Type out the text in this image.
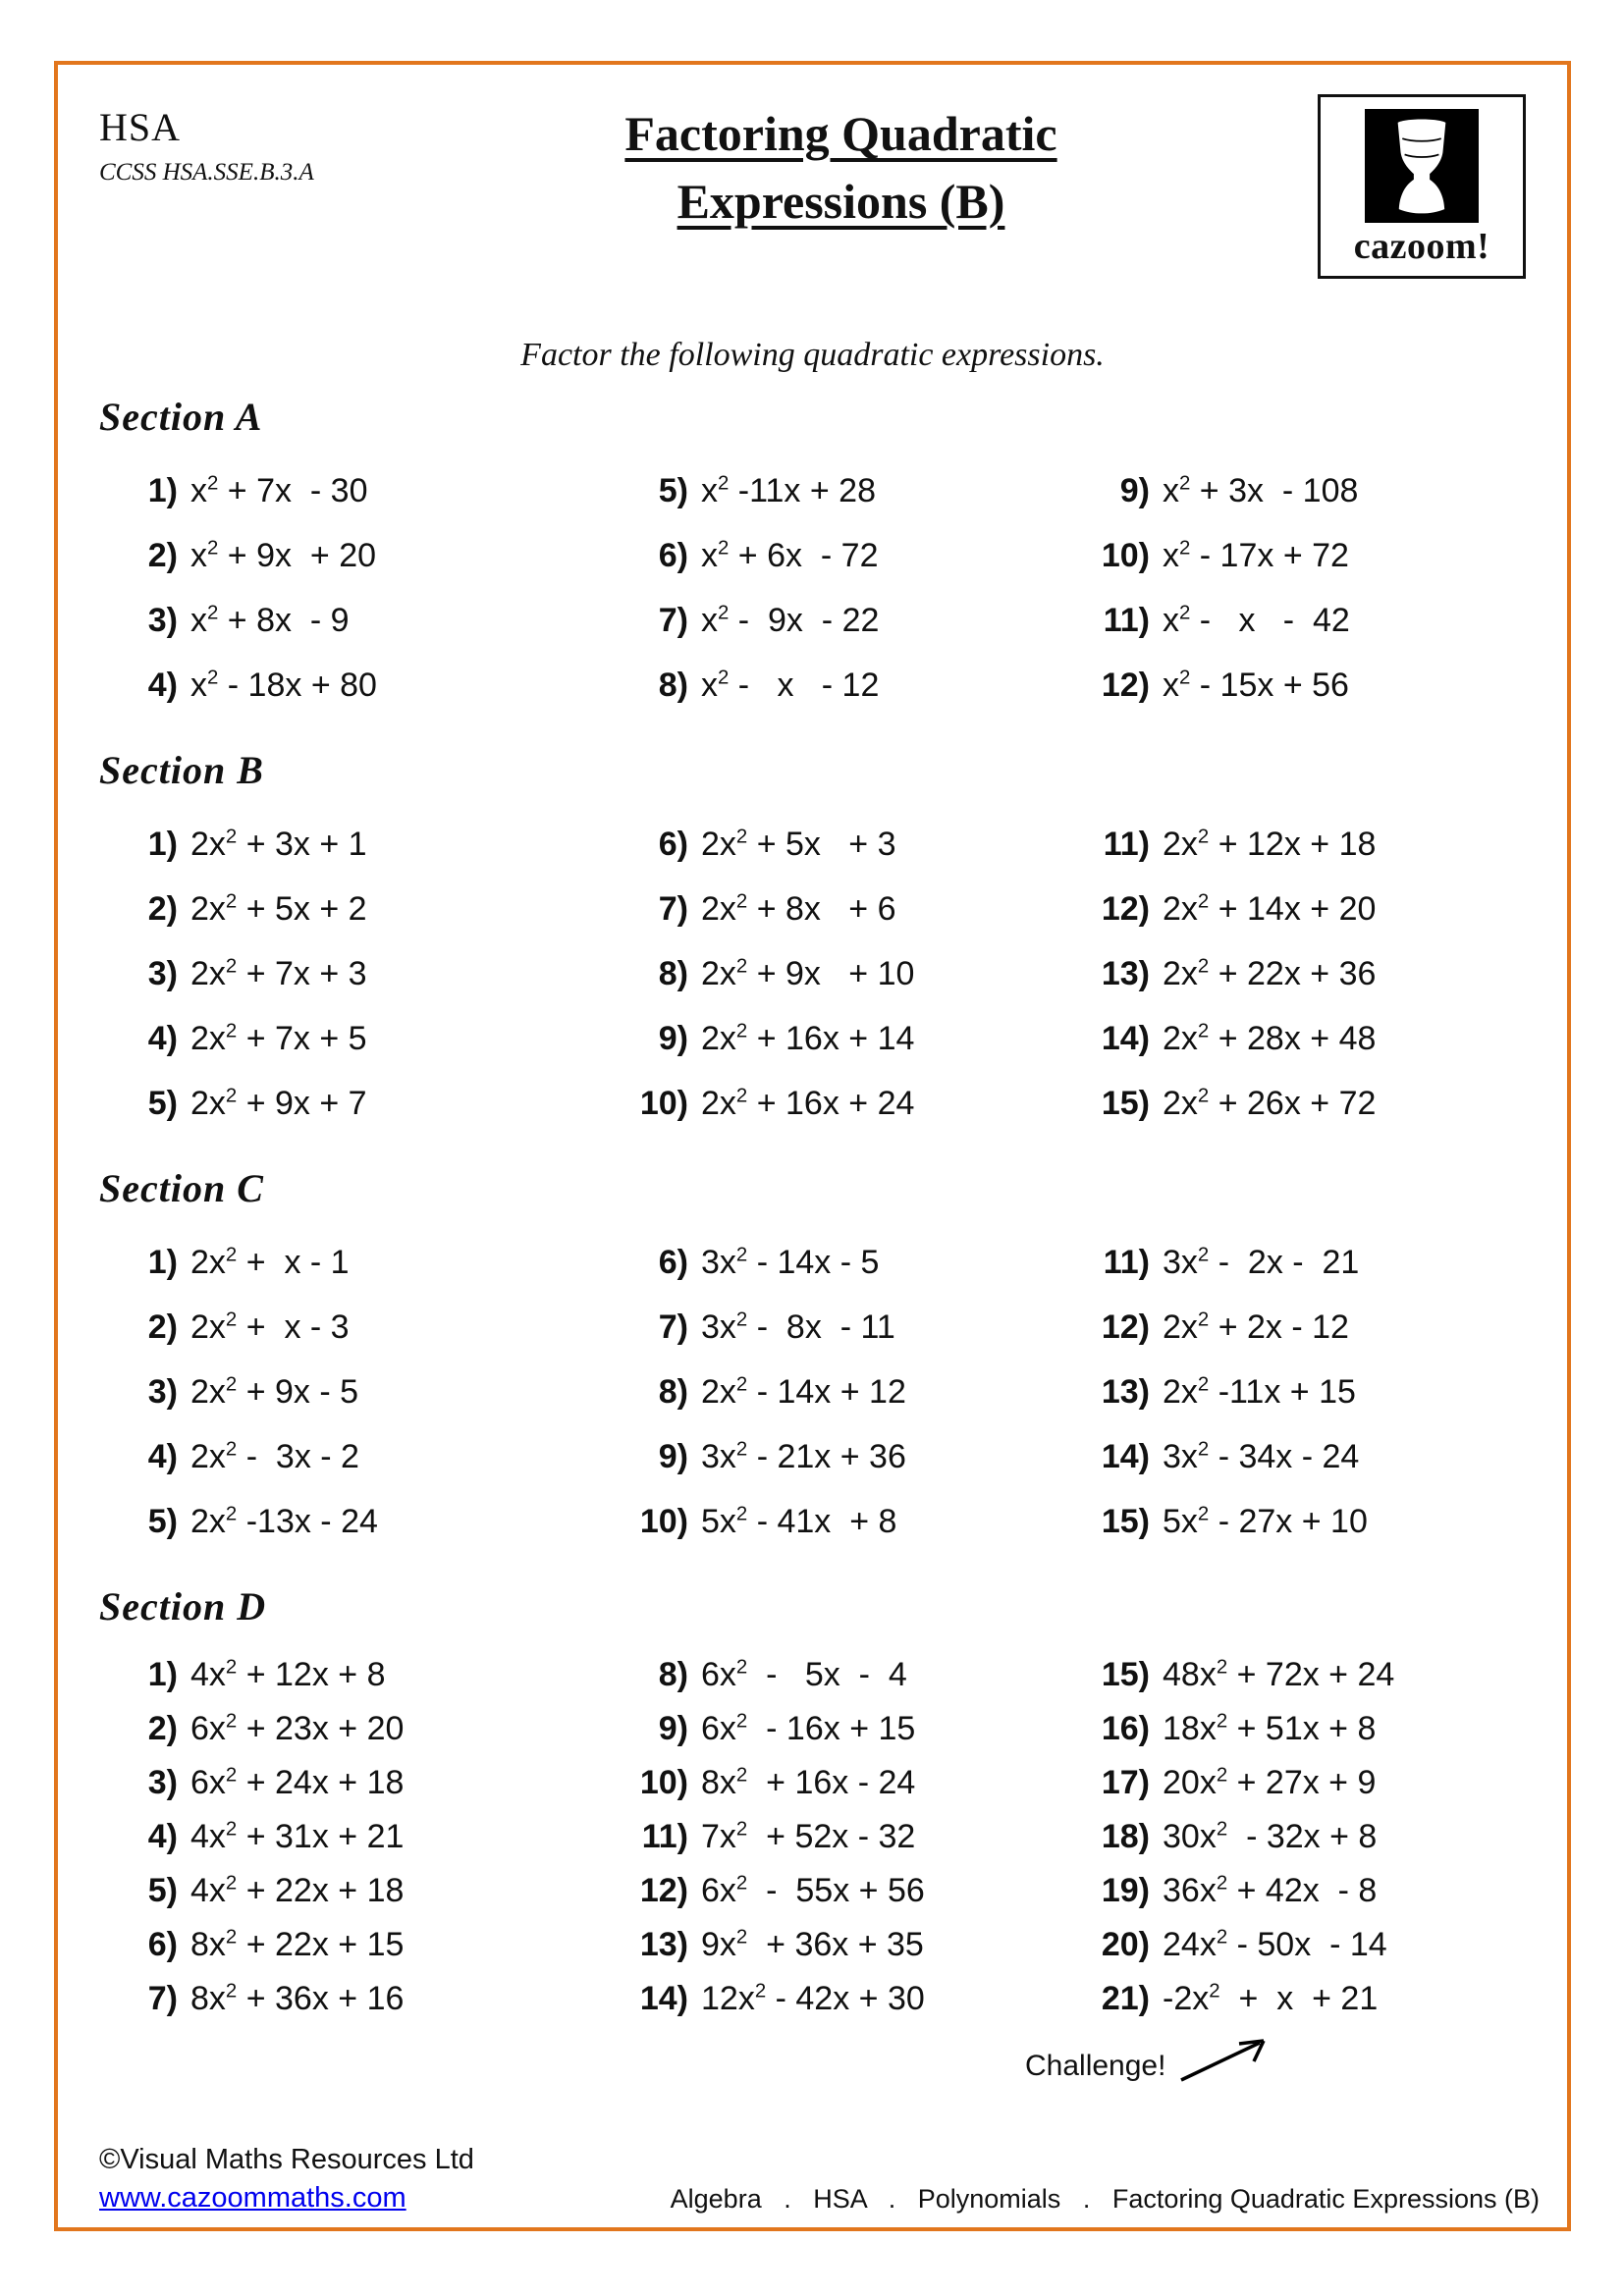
HSA
CCSS HSA.SSE.B.3.A
Factoring Quadratic
Expressions (B)
cazoom!
Factor the following quadratic expressions.
Section A
1) $x^2 + 7x - 30$
2) $x^2 + 9x + 20$
3) $x^2 + 8x - 9$
4) $x^2 - 18x + 80$
5) $x^2$ -11x + 28
6) $x^2 + 6x - 72$
7) $x^2 - 9x - 22$
8) $x^2$ -   x   - 12
9) $x^2 + 3x - 108$
10) $x^2 - 17x + 72$
11) $x^2$ -   x   -  42
12) $x^2 - 15x + 56$
Section B
1) $2x^2 + 3x + 1$
2) $2x^2 + 5x + 2$
3) $2x^2 + 7x + 3$
4) $2x^2 + 7x + 5$
5) $2x^2 + 9x + 7$
6) $2x^2 + 5x + 3$
7) $2x^2 + 8x + 6$
8) $2x^2 + 9x + 10$
9) $2x^2 + 16x + 14$
10) $2x^2 + 16x + 24$
11) $2x^2 + 12x + 18$
12) $2x^2 + 14x + 20$
13) $2x^2 + 22x + 36$
14) $2x^2 + 28x + 48$
15) $2x^2 + 26x + 72$
Section C
1) $2x^2 + x - 1$
2) $2x^2 + x - 3$
3) $2x^2 + 9x - 5$
4) $2x^2 - 3x - 2$
5) $2x^2$ -13x - 24
6) $3x^2 - 14x - 5$
7) $3x^2 - 8x - 11$
8) $2x^2 - 14x + 12$
9) $3x^2 - 21x + 36$
10) $5x^2 - 41x + 8$
11) $3x^2 - 2x - 21$
12) $2x^2 + 2x - 12$
13) $2x^2$ -11x + 15
14) $3x^2 - 34x - 24$
15) $5x^2 - 27x + 10$
Section D
1) $4x^2 + 12x + 8$
2) $6x^2 + 23x + 20$
3) $6x^2 + 24x + 18$
4) $4x^2 + 31x + 21$
5) $4x^2 + 22x + 18$
6) $8x^2 + 22x + 15$
7) $8x^2 + 36x + 16$
8) $6x^2 - 5x - 4$
9) $6x^2 - 16x + 15$
10) $8x^2 + 16x - 24$
11) $7x^2 + 52x - 32$
12) $6x^2 - 55x + 56$
13) $9x^2 + 36x + 35$
14) $12x^2 - 42x + 30$
15) $48x^2 + 72x + 24$
16) $18x^2 + 51x + 8$
17) $20x^2 + 27x + 9$
18) $30x^2 - 32x + 8$
19) $36x^2 + 42x - 8$
20) $24x^2 - 50x - 14$
21) $-2x^2 + x + 21$
Challenge!
©Visual Maths Resources Ltd
www.cazoommaths.com	Algebra   .   HSA   .   Polynomials   .   Factoring Quadratic Expressions (B)
